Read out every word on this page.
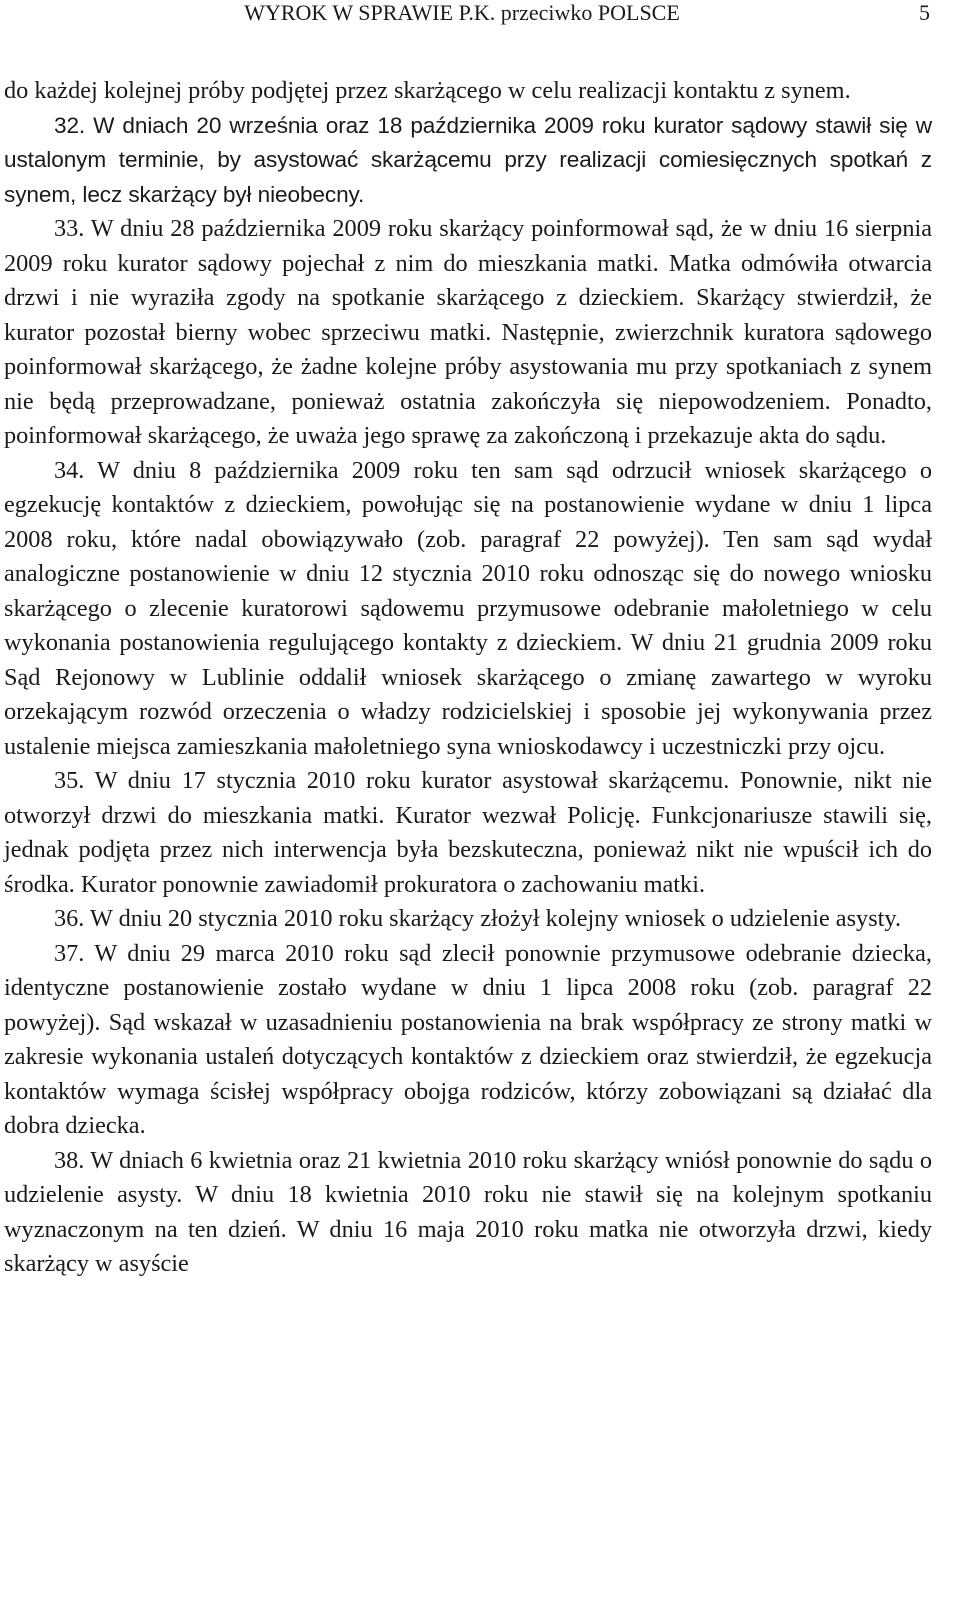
WYROK W SPRAWIE P.K. przeciwko POLSCE	5

do każdej kolejnej próby podjętej przez skarżącego w celu realizacji kontaktu z synem.

32. W dniach 20 września oraz 18 października 2009 roku kurator sądowy stawił się w ustalonym terminie, by asystować skarżącemu przy realizacji comiesięcznych spotkań z synem, lecz skarżący był nieobecny.

33. W dniu 28 października 2009 roku skarżący poinformował sąd, że w dniu 16 sierpnia 2009 roku kurator sądowy pojechał z nim do mieszkania matki. Matka odmówiła otwarcia drzwi i nie wyraziła zgody na spotkanie skarżącego z dzieckiem. Skarżący stwierdził, że kurator pozostał bierny wobec sprzeciwu matki. Następnie, zwierzchnik kuratora sądowego poinformował skarżącego, że żadne kolejne próby asystowania mu przy spotkaniach z synem nie będą przeprowadzane, ponieważ ostatnia zakończyła się niepowodzeniem. Ponadto, poinformował skarżącego, że uważa jego sprawę za zakończoną i przekazuje akta do sądu.

34. W dniu 8 października 2009 roku ten sam sąd odrzucił wniosek skarżącego o egzekucję kontaktów z dzieckiem, powołując się na postanowienie wydane w dniu 1 lipca 2008 roku, które nadal obowiązywało (zob. paragraf 22 powyżej). Ten sam sąd wydał analogiczne postanowienie w dniu 12 stycznia 2010 roku odnosząc się do nowego wniosku skarżącego o zlecenie kuratorowi sądowemu przymusowe odebranie małoletniego w celu wykonania postanowienia regulującego kontakty z dzieckiem. W dniu 21 grudnia 2009 roku Sąd Rejonowy w Lublinie oddalił wniosek skarżącego o zmianę zawartego w wyroku orzekającym rozwód orzeczenia o władzy rodzicielskiej i sposobie jej wykonywania przez ustalenie miejsca zamieszkania małoletniego syna wnioskodawcy i uczestniczki przy ojcu.

35. W dniu 17 stycznia 2010 roku kurator asystował skarżącemu. Ponownie, nikt nie otworzył drzwi do mieszkania matki. Kurator wezwał Policję. Funkcjonariusze stawili się, jednak podjęta przez nich interwencja była bezskuteczna, ponieważ nikt nie wpuścił ich do środka. Kurator ponownie zawiadomił prokuratora o zachowaniu matki.

36. W dniu 20 stycznia 2010 roku skarżący złożył kolejny wniosek o udzielenie asysty.

37. W dniu 29 marca 2010 roku sąd zlecił ponownie przymusowe odebranie dziecka, identyczne postanowienie zostało wydane w dniu 1 lipca 2008 roku (zob. paragraf 22 powyżej). Sąd wskazał w uzasadnieniu postanowienia na brak współpracy ze strony matki w zakresie wykonania ustaleń dotyczących kontaktów z dzieckiem oraz stwierdził, że egzekucja kontaktów wymaga ścisłej współpracy obojga rodziców, którzy zobowiązani są działać dla dobra dziecka.

38. W dniach 6 kwietnia oraz 21 kwietnia 2010 roku skarżący wniósł ponownie do sądu o udzielenie asysty. W dniu 18 kwietnia 2010 roku nie stawił się na kolejnym spotkaniu wyznaczonym na ten dzień. W dniu 16 maja 2010 roku matka nie otworzyła drzwi, kiedy skarżący w asyście
